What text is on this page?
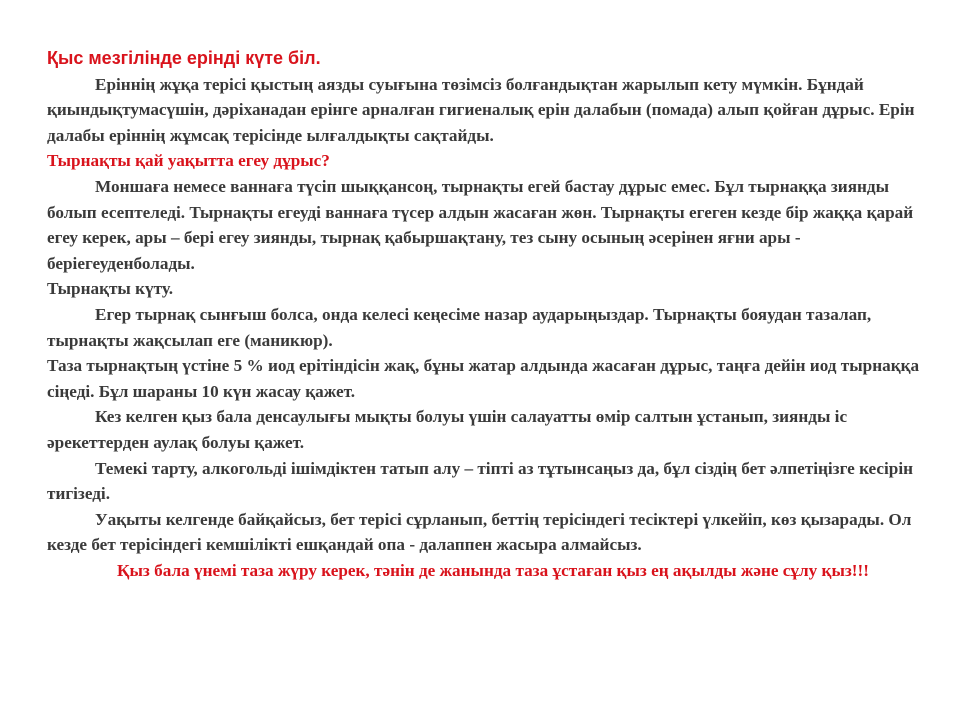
Қыс мезгілінде ерінді күте біл.

Еріннің жұқа терісі қыстың аязды суығына төзімсіз болғандықтан жарылып кету мүмкін. Бұндай қиындықтумасүшін, дәріханадан ерінге арналған гигиеналық ерін далабын (помада) алып қойған дұрыс. Ерін далабы еріннің жұмсақ терісінде ылғалдықты сақтайды.

Тырнақты қай уақытта егеу дұрыс?

Моншаға немесе ваннаға түсіп шыққансоң, тырнақты егей бастау дұрыс емес. Бұл тырнаққа зиянды болып есептеледі. Тырнақты егеуді ваннаға түсер алдын жасаған жөн. Тырнақты егеген кезде бір жаққа қарай егеу керек, ары – бері егеу зиянды, тырнақ қабыршақтану, тез сыну осының әсерінен яғни ары - беріегеуденболады.

Тырнақты күту.

Егер тырнақ сынғыш болса, онда келесі кеңесіме назар аударыңыздар. Тырнақты бояудан тазалап, тырнақты жақсылап еге (маникюр).

Таза тырнақтың үстіне 5 % иод ерітіндісін жақ, бұны жатар алдында жасаған дұрыс, таңға дейін иод тырнаққа сіңеді. Бұл шараны 10 күн жасау қажет.

Кез келген қыз бала денсаулығы мықты болуы үшін салауатты өмір салтын ұстанып, зиянды іс әрекеттерден аулақ болуы қажет.

Темекі тарту, алкогольді ішімдіктен татып алу – тіпті аз тұтынсаңыз да, бұл сіздің бет әлпетіңізге кесірін тигізеді.

Уақыты келгенде байқайсыз, бет терісі сұрланып, беттің терісіндегі тесіктері үлкейіп, көз қызарады. Ол кезде бет терісіндегі кемшілікті ешқандай опа - далаппен жасыра алмайсыз.

Қыз бала үнемі таза жүру керек, тәнін де жанында таза ұстаған қыз ең ақылды және сұлу қыз!!!
